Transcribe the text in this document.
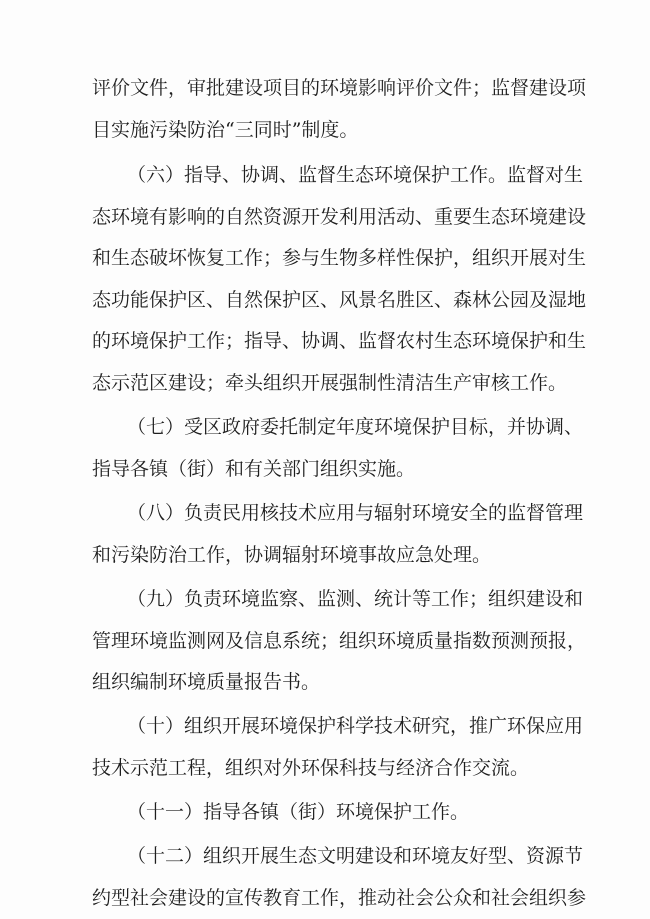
评价文件，审批建设项目的环境影响评价文件；监督建设项
目实施污染防治“三同时”制度。
（六）指导、协调、监督生态环境保护工作。监督对生
态环境有影响的自然资源开发利用活动、重要生态环境建设
和生态破坏恢复工作；参与生物多样性保护，组织开展对生
态功能保护区、自然保护区、风景名胜区、森林公园及湿地
的环境保护工作；指导、协调、监督农村生态环境保护和生
态示范区建设；牵头组织开展强制性清洁生产审核工作。
（七）受区政府委托制定年度环境保护目标，并协调、
指导各镇（街）和有关部门组织实施。
（八）负责民用核技术应用与辐射环境安全的监督管理
和污染防治工作，协调辐射环境事故应急处理。
（九）负责环境监察、监测、统计等工作；组织建设和
管理环境监测网及信息系统；组织环境质量指数预测预报，
组织编制环境质量报告书。
（十）组织开展环境保护科学技术研究，推广环保应用
技术示范工程，组织对外环保科技与经济合作交流。
（十一）指导各镇（街）环境保护工作。
（十二）组织开展生态文明建设和环境友好型、资源节
约型社会建设的宣传教育工作，推动社会公众和社会组织参
